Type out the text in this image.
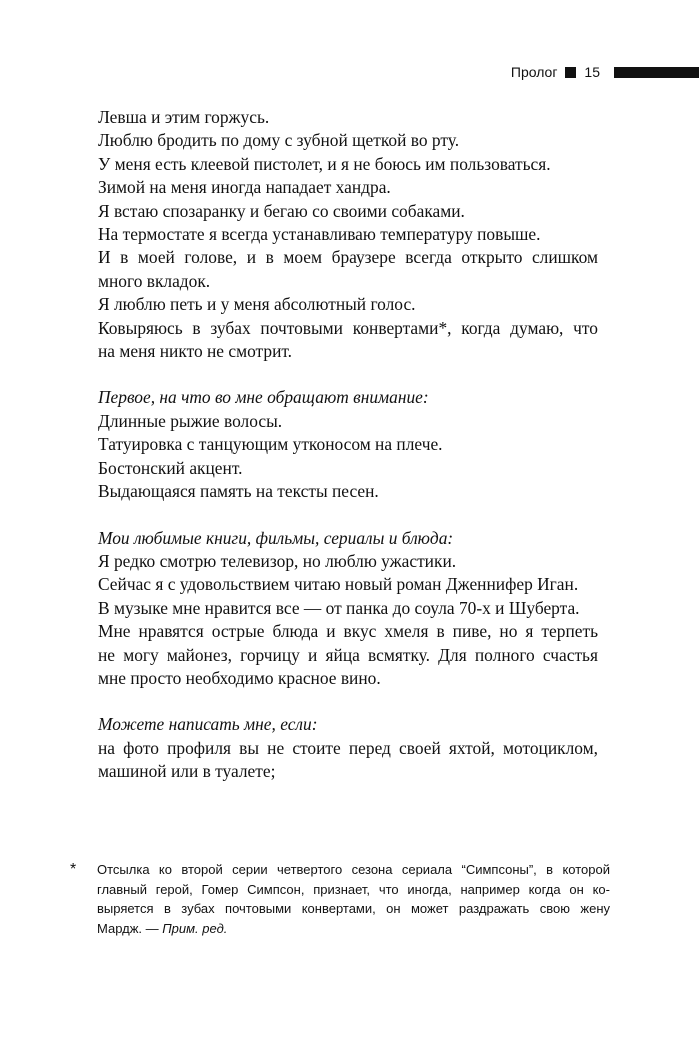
Пролог 15
Левша и этим горжусь.
Люблю бродить по дому с зубной щеткой во рту.
У меня есть клеевой пистолет, и я не боюсь им пользоваться.
Зимой на меня иногда нападает хандра.
Я встаю спозаранку и бегаю со своими собаками.
На термостате я всегда устанавливаю температуру повыше.
И в моей голове, и в моем браузере всегда открыто слишком
много вкладок.
Я люблю петь и у меня абсолютный голос.
Ковыряюсь в зубах почтовыми конвертами*, когда думаю, что
на меня никто не смотрит.
Первое, на что во мне обращают внимание:
Длинные рыжие волосы.
Татуировка с танцующим утконосом на плече.
Бостонский акцент.
Выдающаяся память на тексты песен.
Мои любимые книги, фильмы, сериалы и блюда:
Я редко смотрю телевизор, но люблю ужастики.
Сейчас я с удовольствием читаю новый роман Дженнифер Иган.
В музыке мне нравится все — от панка до соула 70-х и Шуберта.
Мне нравятся острые блюда и вкус хмеля в пиве, но я терпеть
не могу майонез, горчицу и яйца всмятку. Для полного счастья
мне просто необходимо красное вино.
Можете написать мне, если:
на фото профиля вы не стоите перед своей яхтой, мотоциклом,
машиной или в туалете;
* Отсылка ко второй серии четвертого сезона сериала “Симпсоны”, в которой
главный герой, Гомер Симпсон, признает, что иногда, например когда он ко-
выряется в зубах почтовыми конвертами, он может раздражать свою жену
Мардж. — Прим. ред.
